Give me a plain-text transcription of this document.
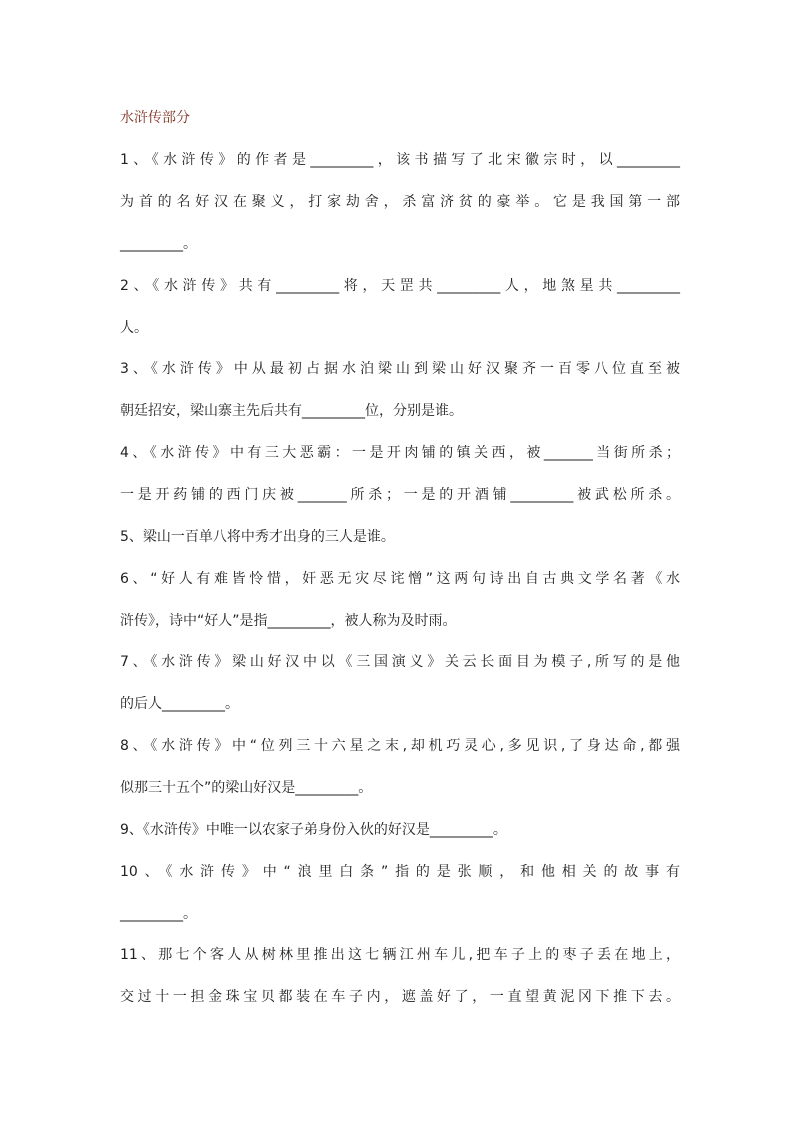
水浒传部分
1、《水浒传》的作者是_________，该书描写了北宋徽宗时，以_________
为首的名好汉在聚义，打家劫舍，杀富济贫的豪举。它是我国第一部
_________。
2、《水浒传》共有_________将，天罡共_________人，地煞星共_________
人。
3、《水浒传》中从最初占据水泊梁山到梁山好汉聚齐一百零八位直至被
朝廷招安，梁山寨主先后共有_________位，分别是谁。
4、《水浒传》中有三大恶霸：一是开肉铺的镇关西，被_______当街所杀；
一是开药铺的西门庆被_______所杀；一是的开酒铺_________被武松所杀。
5、梁山一百单八将中秀才出身的三人是谁。
6、“好人有难皆怜惜，奸恶无灾尽诧憎”这两句诗出自古典文学名著《水
浒传》，诗中“好人”是指_________，被人称为及时雨。
7、《水浒传》梁山好汉中以《三国演义》关云长面目为模子,所写的是他
的后人_________。
8、《水浒传》中“位列三十六星之末,却机巧灵心,多见识,了身达命,都强
似那三十五个”的梁山好汉是_________。
9、《水浒传》中唯一以农家子弟身份入伙的好汉是_________。
10、《水浒传》中“浪里白条”指的是张顺，和他相关的故事有
_________。
11、那七个客人从树林里推出这七辆江州车儿,把车子上的枣子丢在地上，
交过十一担金珠宝贝都装在车子内，遮盖好了，一直望黄泥冈下推下去。
